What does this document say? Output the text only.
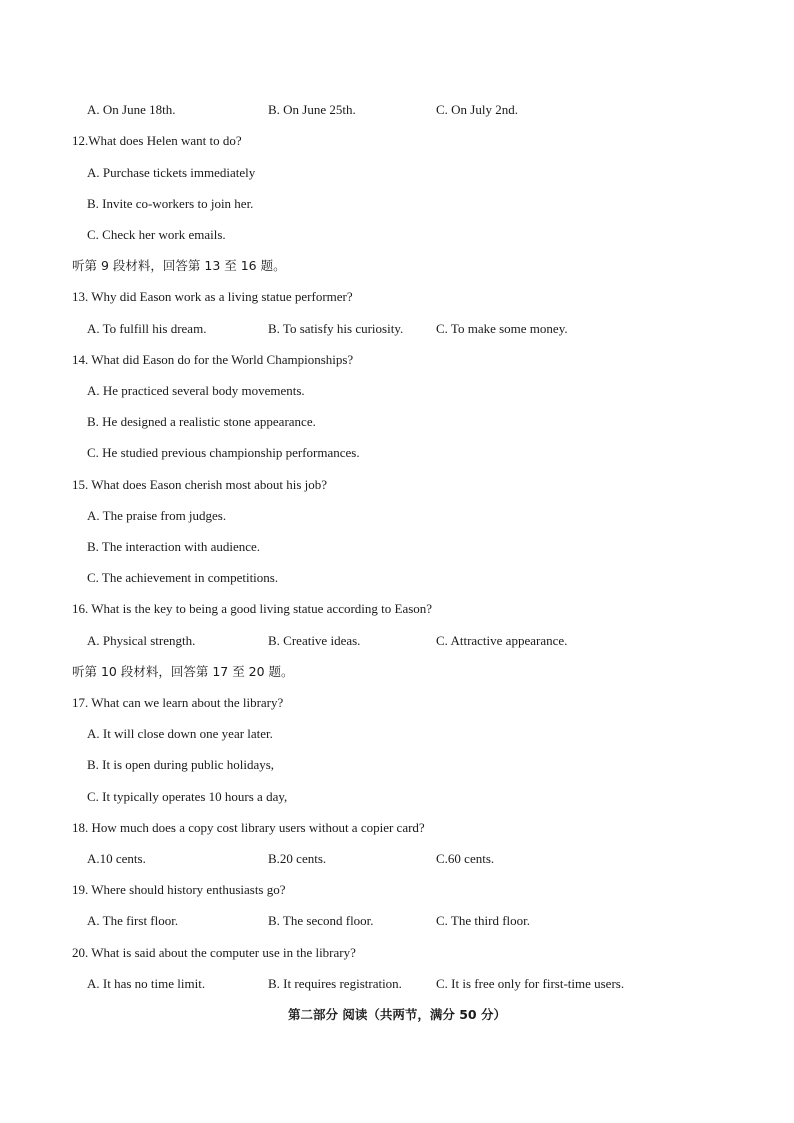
A. On June 18th.	B. On June 25th.	C. On July 2nd.
12.What does Helen want to do?
A. Purchase tickets immediately
B. Invite co-workers to join her.
C. Check her work emails.
听第 9 段材料，回答第 13 至 16 题。
13. Why did Eason work as a living statue performer?
A. To fulfill his dream.	B. To satisfy his curiosity.	C. To make some money.
14. What did Eason do for the World Championships?
A. He practiced several body movements.
B. He designed a realistic stone appearance.
C. He studied previous championship performances.
15. What does Eason cherish most about his job?
A. The praise from judges.
B. The interaction with audience.
C. The achievement in competitions.
16. What is the key to being a good living statue according to Eason?
A. Physical strength.	B. Creative ideas.	C. Attractive appearance.
听第 10 段材料，回答第 17 至 20 题。
17. What can we learn about the library?
A. It will close down one year later.
B. It is open during public holidays,
C. It typically operates 10 hours a day,
18. How much does a copy cost library users without a copier card?
A.10 cents.	B.20 cents.	C.60 cents.
19. Where should history enthusiasts go?
A. The first floor.	B. The second floor.	C. The third floor.
20. What is said about the computer use in the library?
A. It has no time limit.	B. It requires registration.	C. It is free only for first-time users.
第二部分 阅读（共两节，满分 50 分）
